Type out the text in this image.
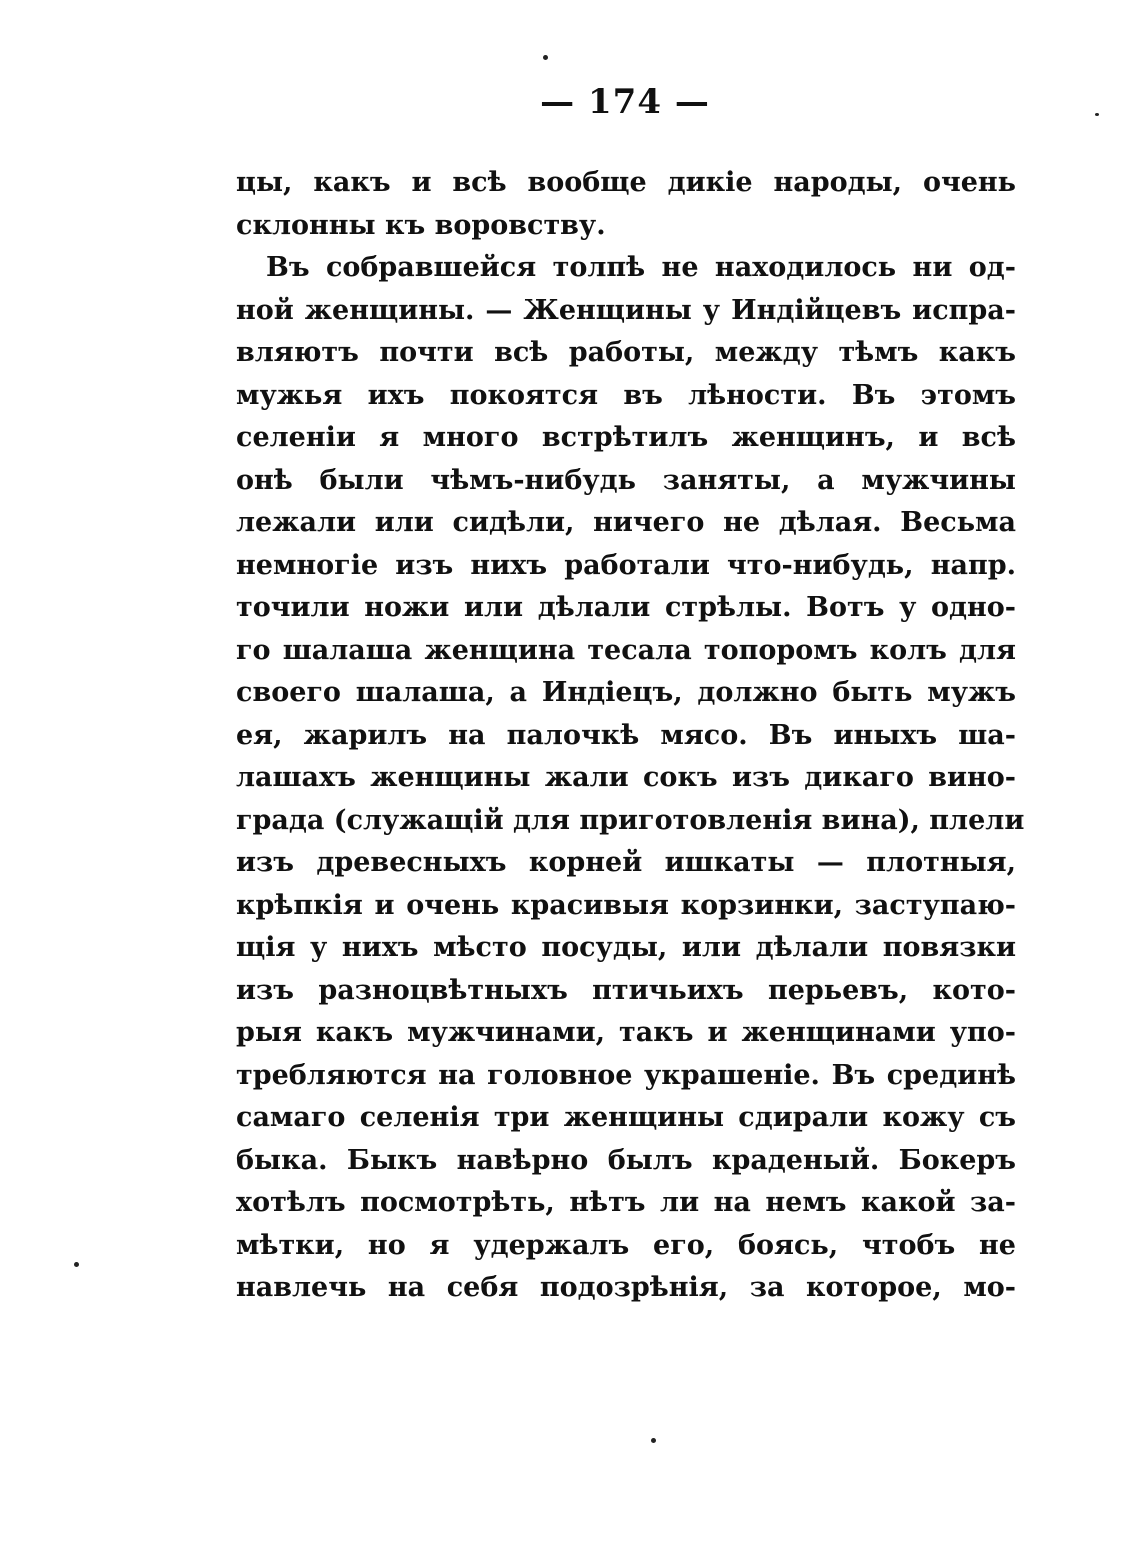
— 174 —
цы, какъ и всѣ вообще дикіе народы, очень
склонны къ воровству.
Въ собравшейся толпѣ не находилось ни од-
ной женщины. — Женщины у Индійцевъ испра-
вляютъ почти всѣ работы, между тѣмъ какъ
мужья ихъ покоятся въ лѣности. Въ этомъ
селеніи я много встрѣтилъ женщинъ, и всѣ
онѣ были чѣмъ-нибудь заняты, а мужчины
лежали или сидѣли, ничего не дѣлая. Весьма
немногіе изъ нихъ работали что-нибудь, напр.
точили ножи или дѣлали стрѣлы. Вотъ у одно-
го шалаша женщина тесала топоромъ колъ для
своего шалаша, а Индіецъ, должно быть мужъ
ея, жарилъ на палочкѣ мясо. Въ иныхъ ша-
лашахъ женщины жали сокъ изъ дикаго вино-
града (служащій для приготовленія вина), плели
изъ древесныхъ корней ишкаты — плотныя,
крѣпкія и очень красивыя корзинки, заступаю-
щія у нихъ мѣсто посуды, или дѣлали повязки
изъ разноцвѣтныхъ птичьихъ перьевъ, кото-
рыя какъ мужчинами, такъ и женщинами упо-
требляются на головное украшеніе. Въ срединѣ
самаго селенія три женщины сдирали кожу съ
быка. Быкъ навѣрно былъ краденый. Бокеръ
хотѣлъ посмотрѣть, нѣтъ ли на немъ какой за-
мѣтки, но я удержалъ его, боясь, чтобъ не
навлечь на себя подозрѣнія, за которое, мо-
